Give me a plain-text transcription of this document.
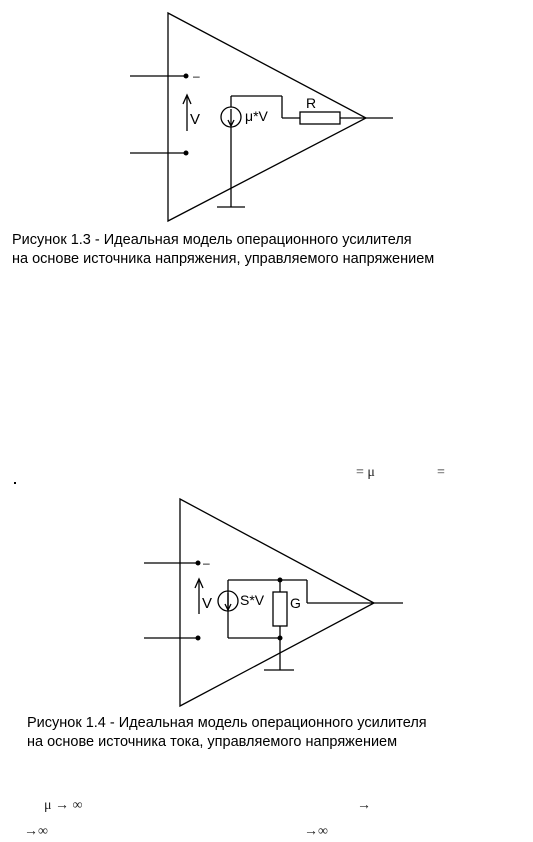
–
V	μ*V
R
Рисунок 1.3 - Идеальная модель операционного усилителя
на основе источника напряжения, управляемого напряжением
= μ	=
–
V S*V G
Рисунок 1.4 - Идеальная модель операционного усилителя
на основе источника тока, управляемого напряжением
μ → ∞	→
→∞	→∞
